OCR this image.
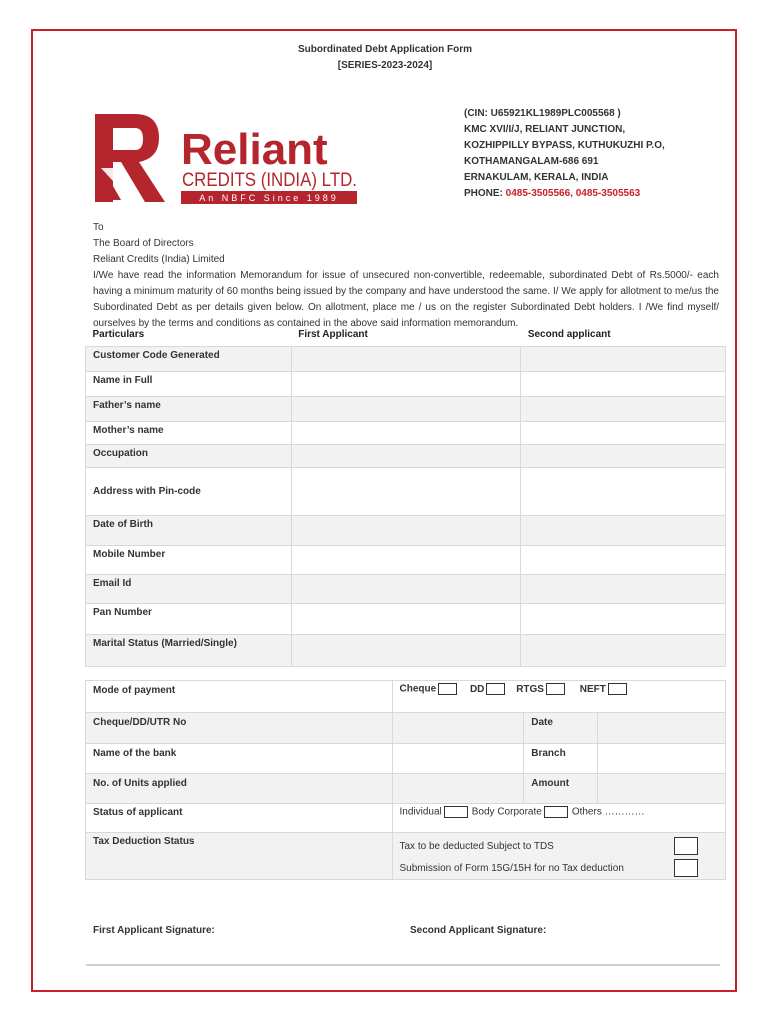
Subordinated Debt Application Form
[SERIES-2023-2024]
Reliant
CREDITS (INDIA) LTD.
An NBFC Since 1989
(CIN: U65921KL1989PLC005568 )
KMC XVI/I/J, RELIANT JUNCTION,
KOZHIPPILLY BYPASS, KUTHUKUZHI P.O,
KOTHAMANGALAM-686 691
ERNAKULAM, KERALA, INDIA
PHONE: 0485-3505566, 0485-3505563
To
The Board of Directors
Reliant Credits (India) Limited
I/We have read the information Memorandum for issue of unsecured non-convertible, redeemable, subordinated Debt of Rs.5000/- each having a minimum maturity of 60 months being issued by the company and have understood the same. I/ We apply for allotment to me/us the Subordinated Debt as per details given below. On allotment, place me / us on the register Subordinated Debt holders. I /We find myself/ ourselves by the terms and conditions as contained in the above said information memorandum.
Particulars	First Applicant	Second applicant
Customer Code Generated		
Name in Full		
Father’s name		
Mother’s name		
Occupation		
Address with Pin-code		
Date of Birth		
Mobile Number		
Email Id		
Pan Number		
Marital Status (Married/Single)		
Mode of payment	Cheque DD RTGS NEFT		
Cheque/DD/UTR No		Date	
Name of the bank		Branch	
No. of Units applied		Amount	
Status of applicant	Individual Body Corporate Others …………		
Tax Deduction Status	Tax to be deducted Subject to TDS
Submission of Form 15G/15H for no Tax deduction		
First Applicant Signature:	Second Applicant Signature:
